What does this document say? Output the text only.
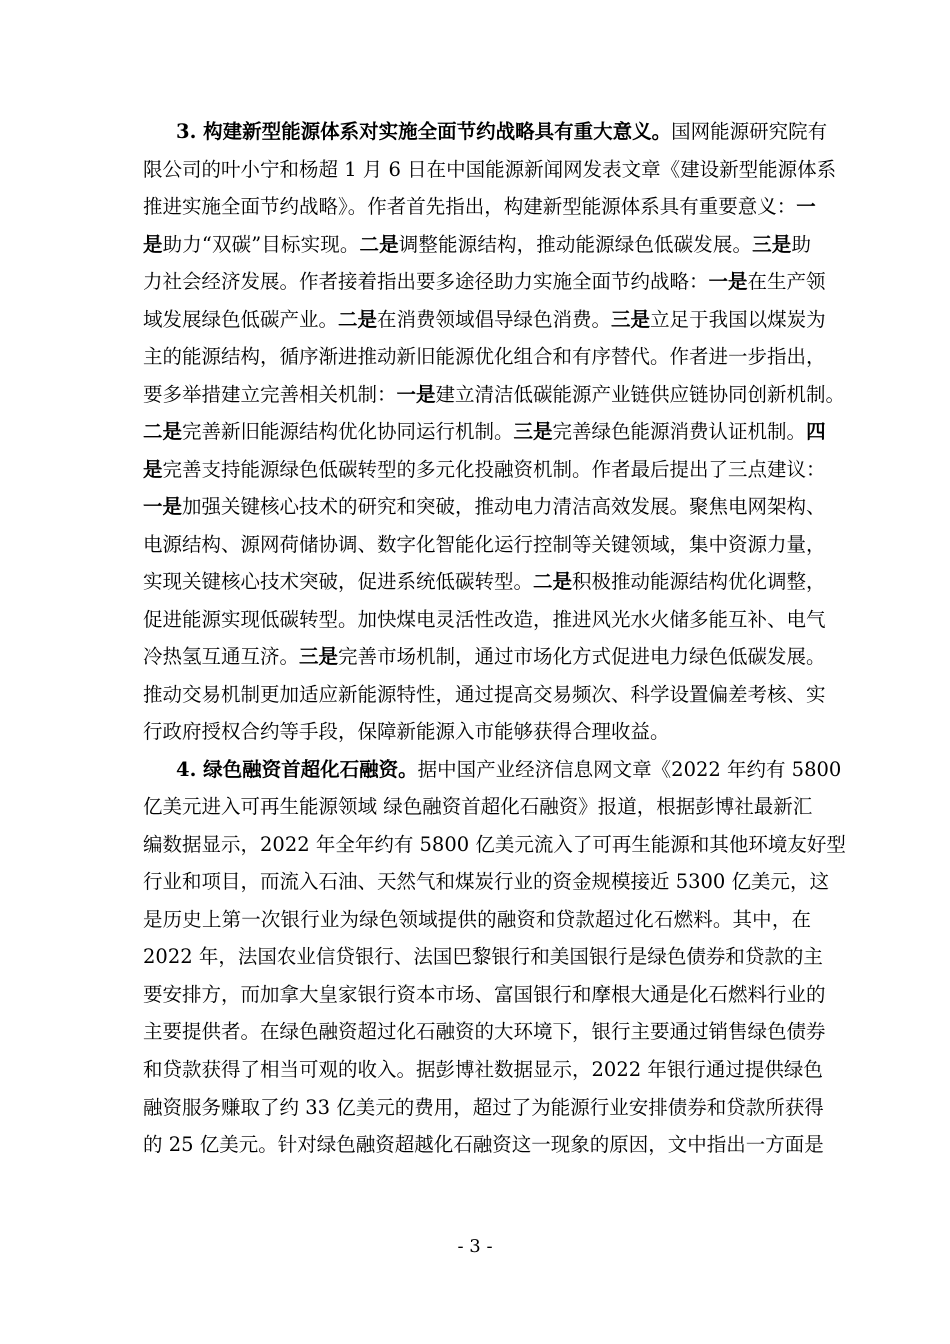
3. 构建新型能源体系对实施全面节约战略具有重大意义。国网能源研究院有
限公司的叶小宁和杨超 1 月 6 日在中国能源新闻网发表文章《建设新型能源体系
推进实施全面节约战略》。作者首先指出，构建新型能源体系具有重要意义：一
是助力“双碳”目标实现。二是调整能源结构，推动能源绿色低碳发展。三是助
力社会经济发展。作者接着指出要多途径助力实施全面节约战略：一是在生产领
域发展绿色低碳产业。二是在消费领域倡导绿色消费。三是立足于我国以煤炭为
主的能源结构，循序渐进推动新旧能源优化组合和有序替代。作者进一步指出，
要多举措建立完善相关机制：一是建立清洁低碳能源产业链供应链协同创新机制。
二是完善新旧能源结构优化协同运行机制。三是完善绿色能源消费认证机制。四
是完善支持能源绿色低碳转型的多元化投融资机制。作者最后提出了三点建议：
一是加强关键核心技术的研究和突破，推动电力清洁高效发展。聚焦电网架构、
电源结构、源网荷储协调、数字化智能化运行控制等关键领域，集中资源力量，
实现关键核心技术突破，促进系统低碳转型。二是积极推动能源结构优化调整，
促进能源实现低碳转型。加快煤电灵活性改造，推进风光水火储多能互补、电气
冷热氢互通互济。三是完善市场机制，通过市场化方式促进电力绿色低碳发展。
推动交易机制更加适应新能源特性，通过提高交易频次、科学设置偏差考核、实
行政府授权合约等手段，保障新能源入市能够获得合理收益。
4. 绿色融资首超化石融资。据中国产业经济信息网文章《2022 年约有 5800
亿美元进入可再生能源领域 绿色融资首超化石融资》报道，根据彭博社最新汇
编数据显示，2022 年全年约有 5800 亿美元流入了可再生能源和其他环境友好型
行业和项目，而流入石油、天然气和煤炭行业的资金规模接近 5300 亿美元，这
是历史上第一次银行业为绿色领域提供的融资和贷款超过化石燃料。其中，在
2022 年，法国农业信贷银行、法国巴黎银行和美国银行是绿色债券和贷款的主
要安排方，而加拿大皇家银行资本市场、富国银行和摩根大通是化石燃料行业的
主要提供者。在绿色融资超过化石融资的大环境下，银行主要通过销售绿色债券
和贷款获得了相当可观的收入。据彭博社数据显示，2022 年银行通过提供绿色
融资服务赚取了约 33 亿美元的费用，超过了为能源行业安排债券和贷款所获得
的 25 亿美元。针对绿色融资超越化石融资这一现象的原因，文中指出一方面是
- 3 -
